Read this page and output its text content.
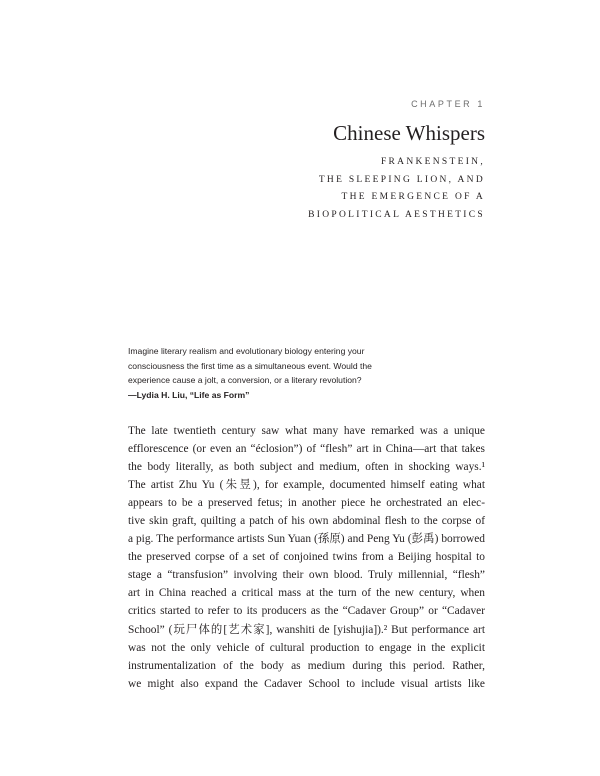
CHAPTER 1
Chinese Whispers
FRANKENSTEIN,
THE SLEEPING LION, AND
THE EMERGENCE OF A
BIOPOLITICAL AESTHETICS
Imagine literary realism and evolutionary biology entering your
consciousness the first time as a simultaneous event. Would the
experience cause a jolt, a conversion, or a literary revolution?
—Lydia H. Liu, “Life as Form”
The late twentieth century saw what many have remarked was a unique
efflorescence (or even an “éclosion”) of “flesh” art in China—art that takes
the body literally, as both subject and medium, often in shocking ways.¹
The artist Zhu Yu (朱昱), for example, documented himself eating what
appears to be a preserved fetus; in another piece he orchestrated an elec-
tive skin graft, quilting a patch of his own abdominal flesh to the corpse of
a pig. The performance artists Sun Yuan (孫原) and Peng Yu (彭禹) borrowed
the preserved corpse of a set of conjoined twins from a Beijing hospital to
stage a “transfusion” involving their own blood. Truly millennial, “flesh”
art in China reached a critical mass at the turn of the new century, when
critics started to refer to its producers as the “Cadaver Group” or “Cadaver
School” (玩尸体的[艺术家], wanshiti de [yishujia]).² But performance art
was not the only vehicle of cultural production to engage in the explicit
instrumentalization of the body as medium during this period. Rather,
we might also expand the Cadaver School to include visual artists like
